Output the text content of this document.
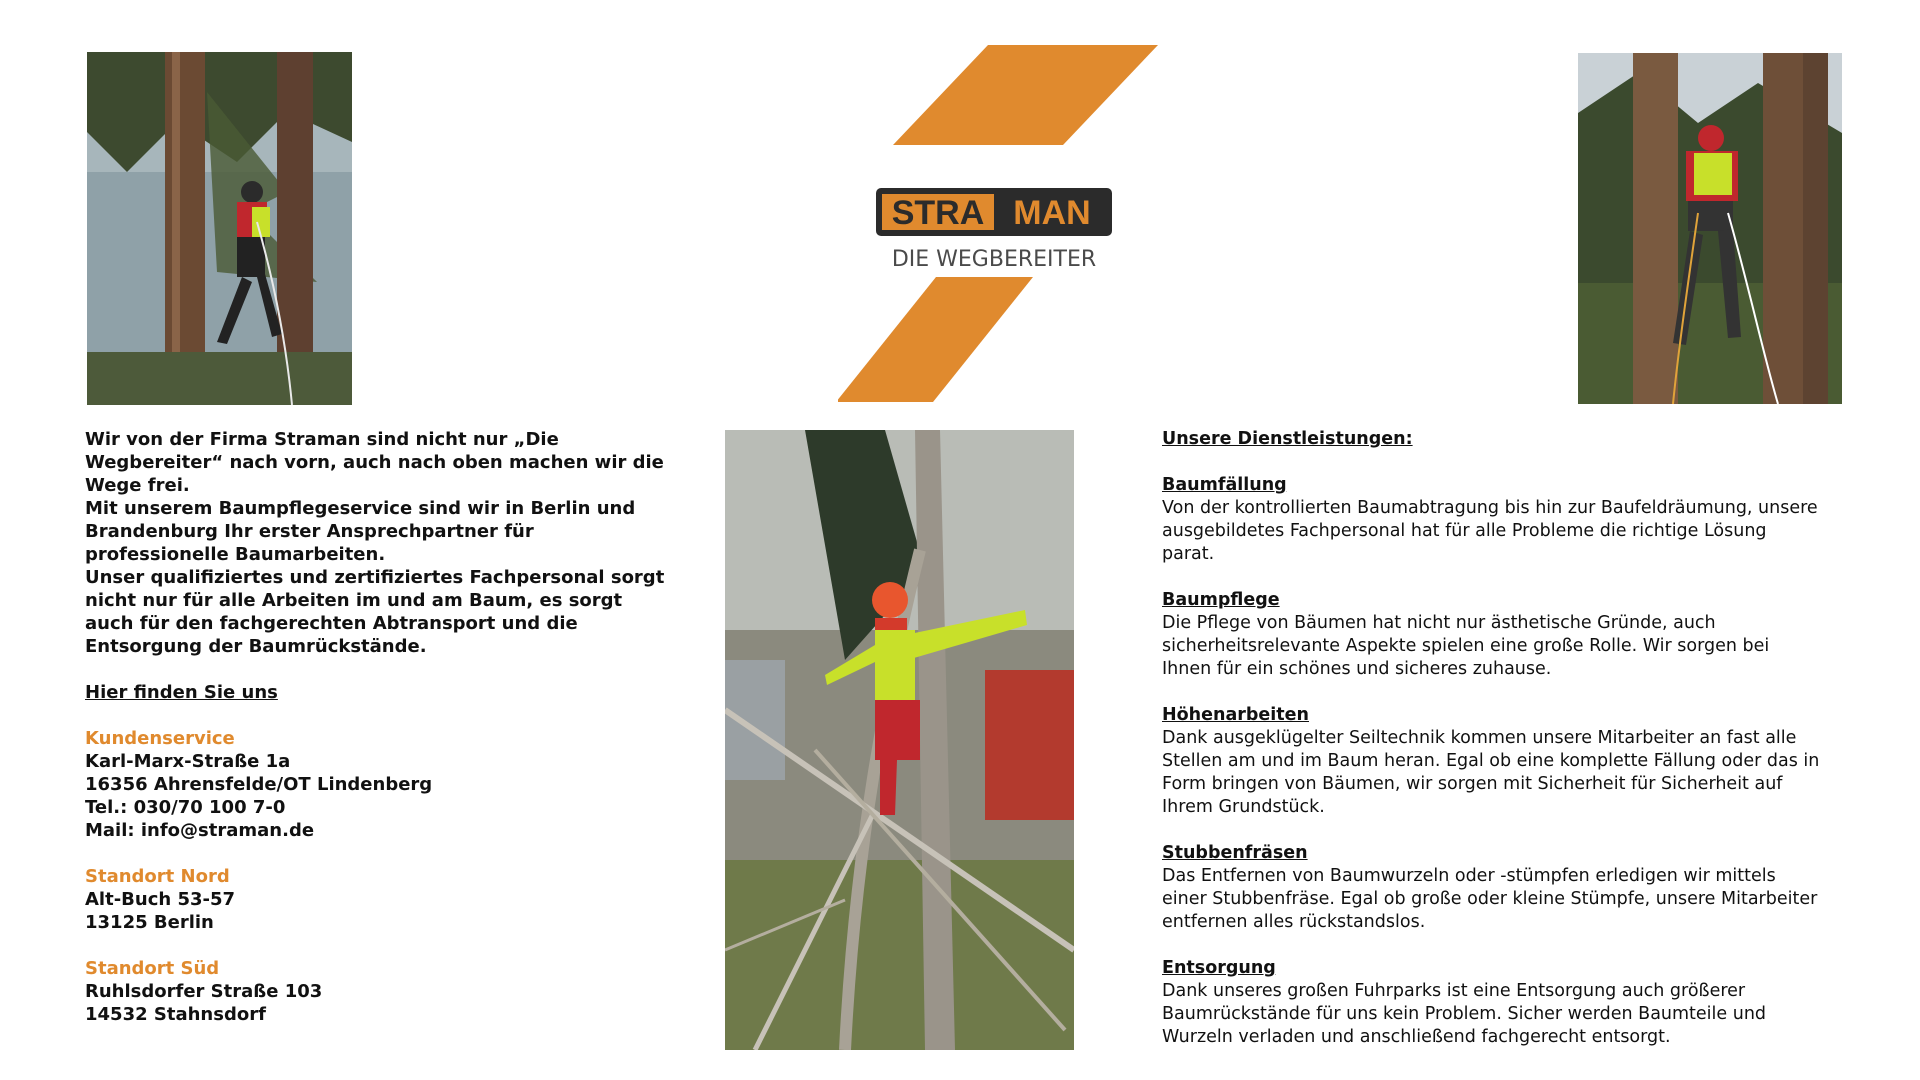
STRA MAN
DIE WEGBEREITER

Wir von der Firma Straman sind nicht nur „Die Wegbereiter“ nach vorn, auch nach oben machen wir die Wege frei.

Mit unserem Baumpflegeservice sind wir in Berlin und Brandenburg Ihr erster Ansprechpartner für professionelle Baumarbeiten.

Unser qualifiziertes und zertifiziertes Fachpersonal sorgt nicht nur für alle Arbeiten im und am Baum, es sorgt auch für den fachgerechten Abtransport und die Entsorgung der Baumrückstände.

Hier finden Sie uns

Kundenservice

Karl-Marx-Straße 1a

16356 Ahrensfelde/OT Lindenberg

Tel.: 030/70 100 7-0

Mail: info@straman.de

Standort Nord

Alt-Buch 53-57

13125 Berlin

Standort Süd

Ruhlsdorfer Straße 103

14532 Stahnsdorf

Unsere Dienstleistungen:

Baumfällung

Von der kontrollierten Baumabtragung bis hin zur Baufeldräumung, unsere ausgebildetes Fachpersonal hat für alle Probleme die richtige Lösung parat.

Baumpflege

Die Pflege von Bäumen hat nicht nur ästhetische Gründe, auch sicherheitsrelevante Aspekte spielen eine große Rolle. Wir sorgen bei Ihnen für ein schönes und sicheres zuhause.

Höhenarbeiten

Dank ausgeklügelter Seiltechnik kommen unsere Mitarbeiter an fast alle Stellen am und im Baum heran. Egal ob eine komplette Fällung oder das in Form bringen von Bäumen, wir sorgen mit Sicherheit für Sicherheit auf Ihrem Grundstück.

Stubbenfräsen

Das Entfernen von Baumwurzeln oder -stümpfen erledigen wir mittels einer Stubbenfräse. Egal ob große oder kleine Stümpfe, unsere Mitarbeiter entfernen alles rückstandslos.

Entsorgung

Dank unseres großen Fuhrparks ist eine Entsorgung auch größerer Baumrückstände für uns kein Problem. Sicher werden Baumteile und Wurzeln verladen und anschließend fachgerecht entsorgt.
